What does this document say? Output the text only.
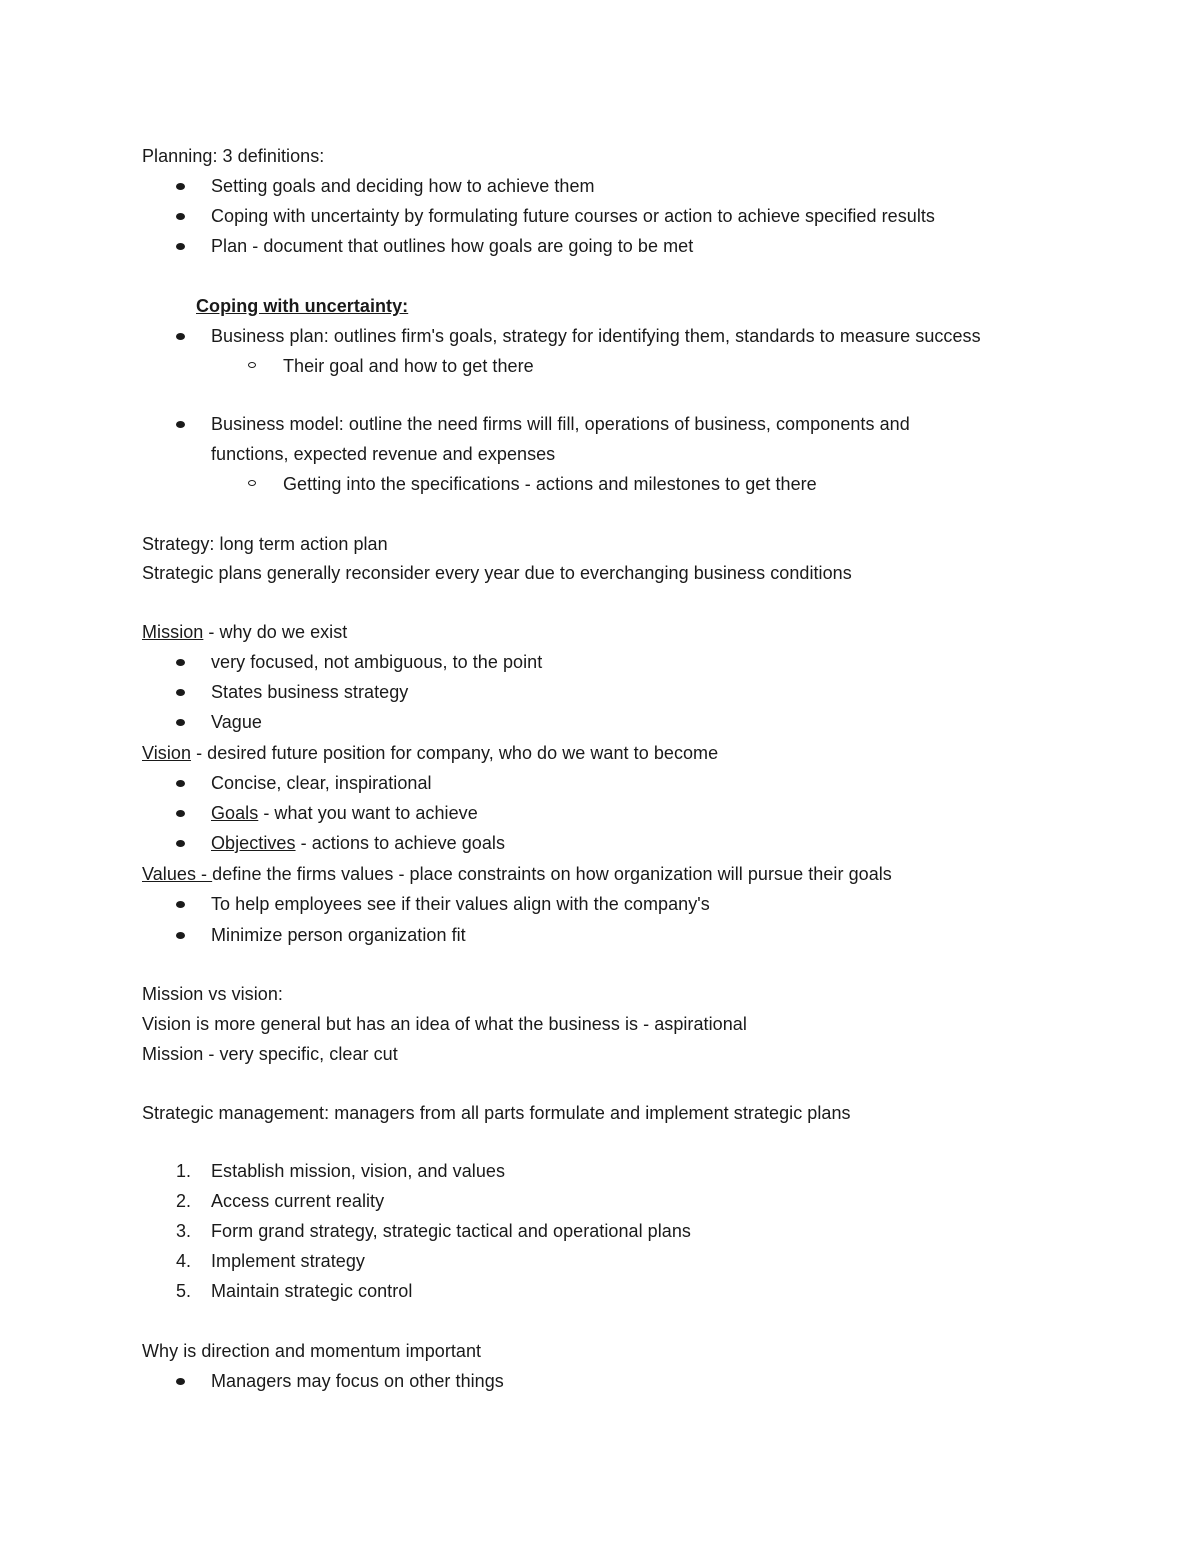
Planning: 3 definitions:
Setting goals and deciding how to achieve them
Coping with uncertainty by formulating future courses or action to achieve specified results
Plan - document that outlines how goals are going to be met
Coping with uncertainty:
Business plan: outlines firm's goals, strategy for identifying them, standards to measure success
Their goal and how to get there
Business model: outline the need firms will fill, operations of business, components and
functions, expected revenue and expenses
Getting into the specifications - actions and milestones to get there
Strategy: long term action plan
Strategic plans generally reconsider every year due to everchanging business conditions
Mission - why do we exist
very focused, not ambiguous, to the point
States business strategy
Vague
Vision - desired future position for company, who do we want to become
Concise, clear, inspirational
Goals - what you want to achieve
Objectives - actions to achieve goals
Values - define the firms values - place constraints on how organization will pursue their goals
To help employees see if their values align with the company's
Minimize person organization fit
Mission vs vision:
Vision is more general but has an idea of what the business is - aspirational
Mission - very specific, clear cut
Strategic management: managers from all parts formulate and implement strategic plans
1. Establish mission, vision, and values
2. Access current reality
3. Form grand strategy, strategic tactical and operational plans
4. Implement strategy
5. Maintain strategic control
Why is direction and momentum important
Managers may focus on other things
